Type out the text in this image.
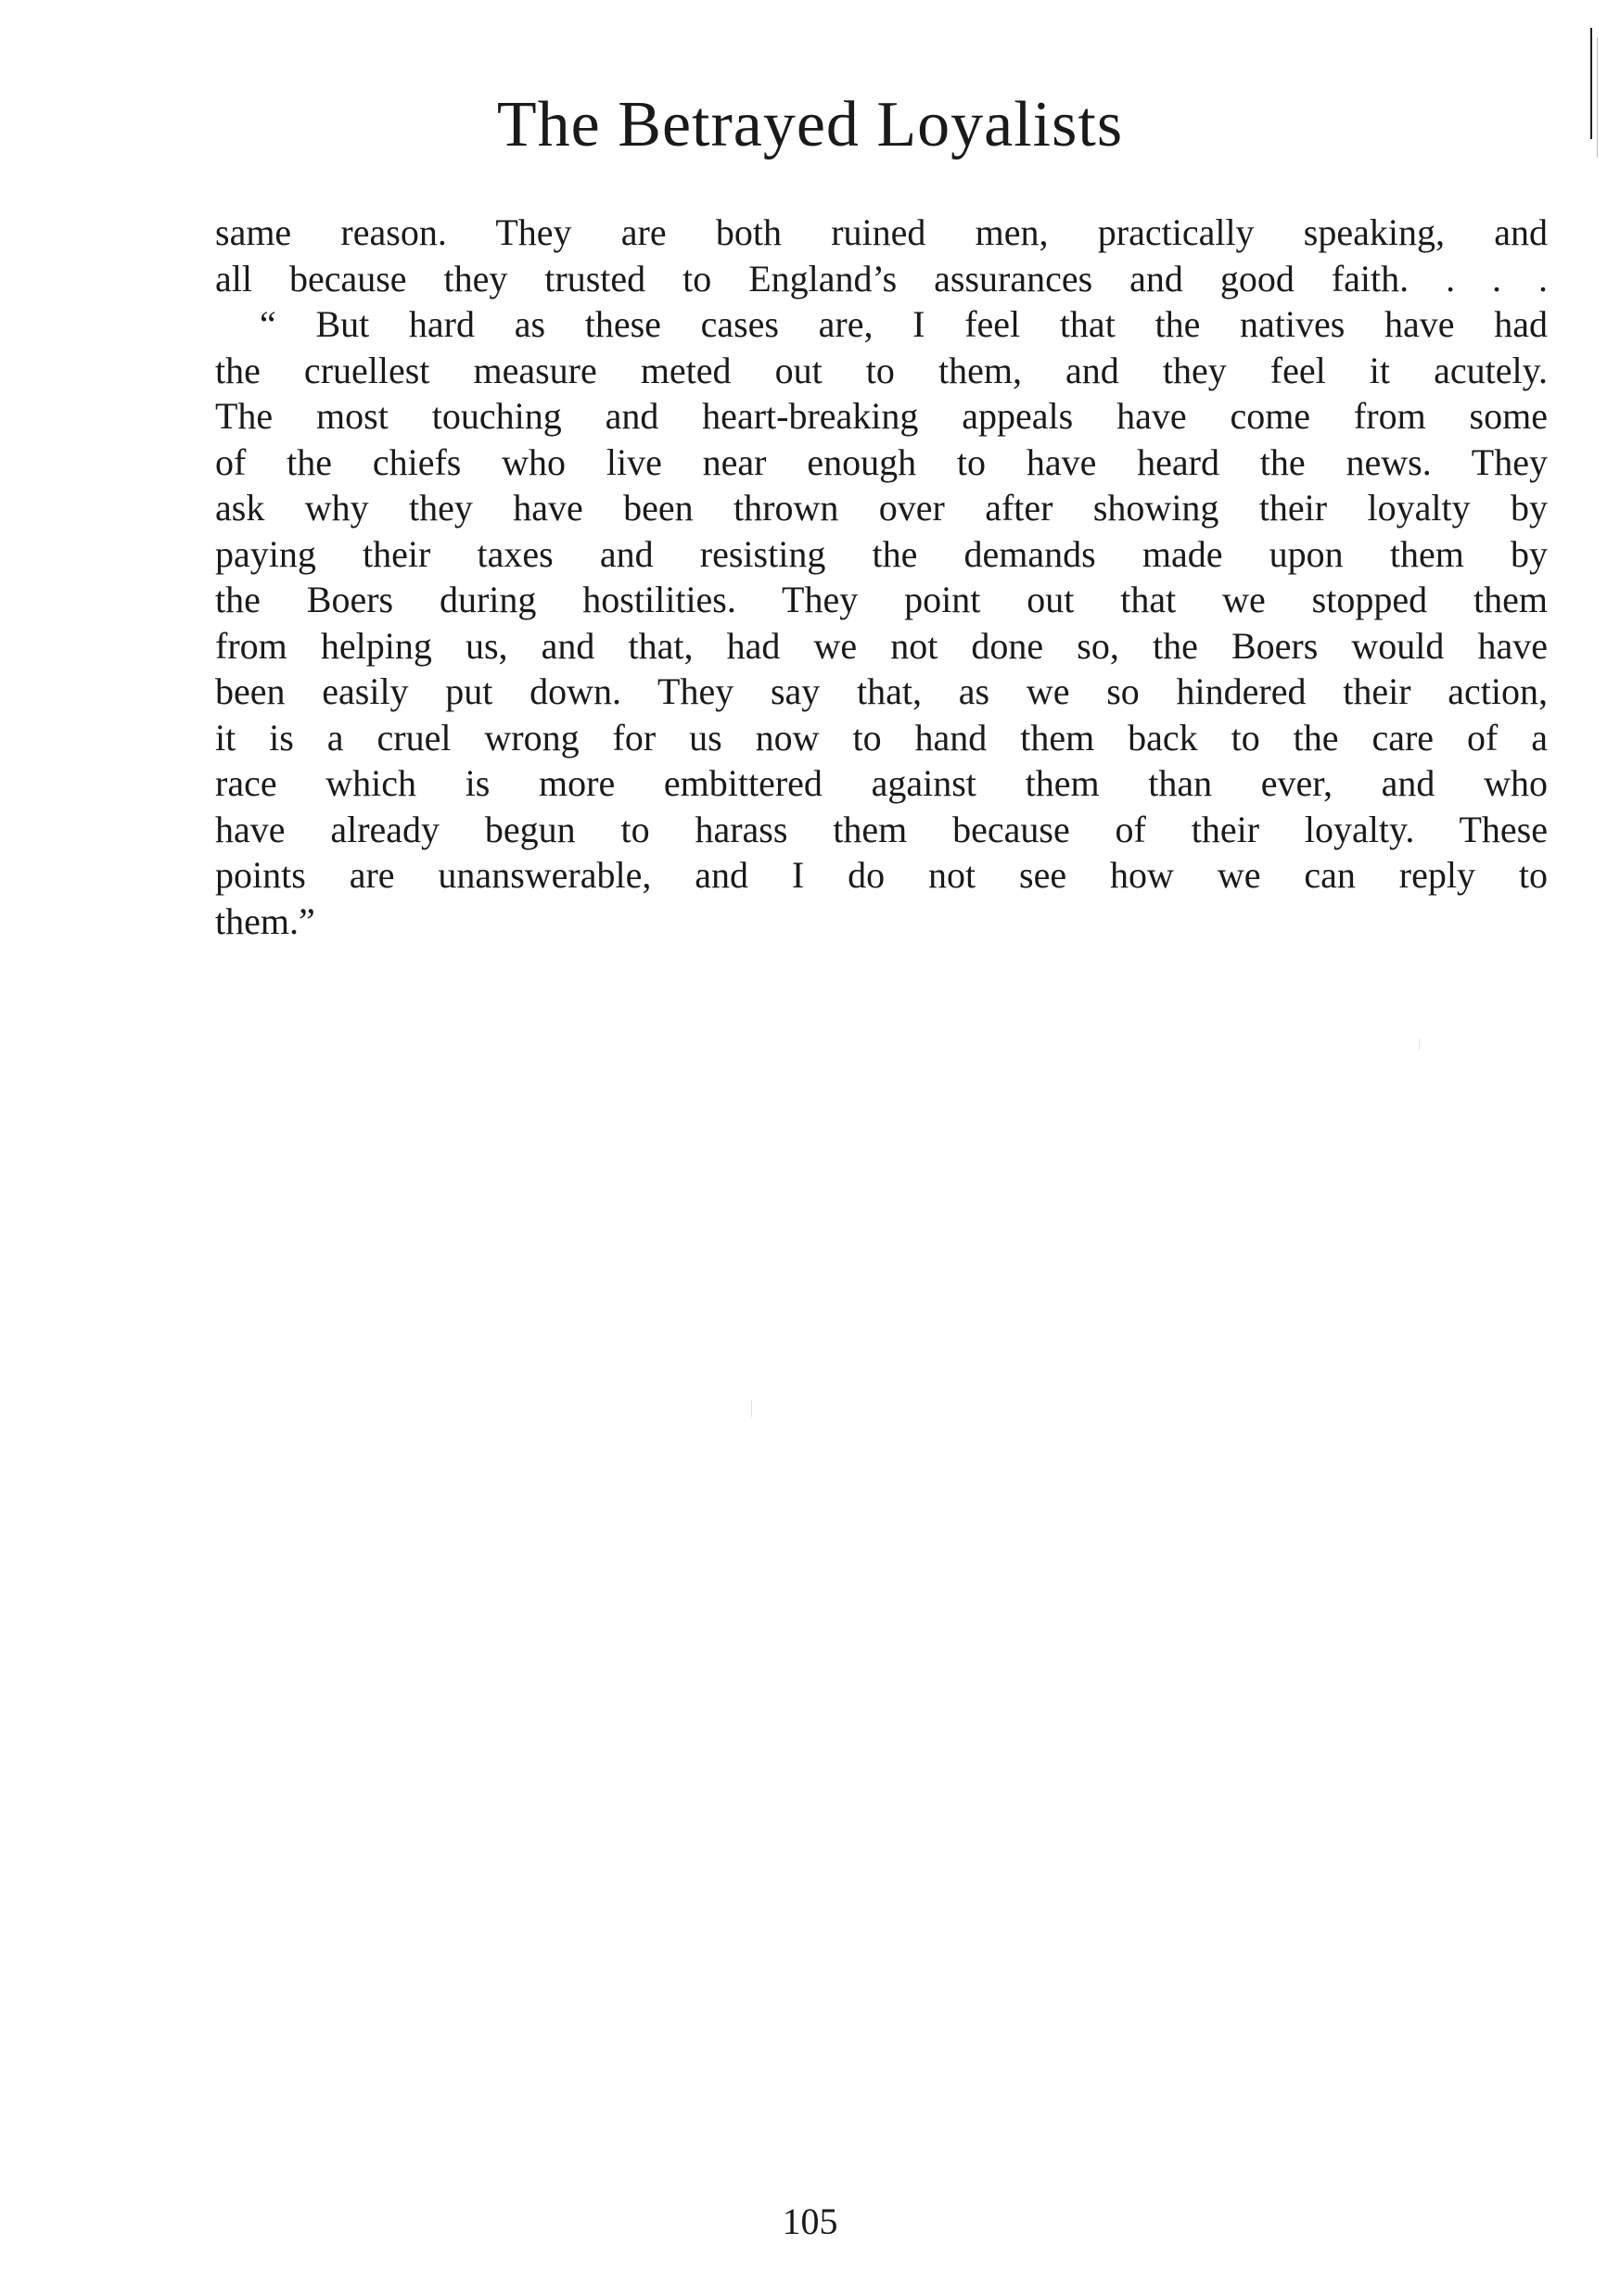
The Betrayed Loyalists
same reason. They are both ruined men, practically speaking, and
all because they trusted to England’s assurances and good faith. . . .
“ But hard as these cases are, I feel that the natives have had
the cruellest measure meted out to them, and they feel it acutely.
The most touching and heart-breaking appeals have come from some
of the chiefs who live near enough to have heard the news. They
ask why they have been thrown over after showing their loyalty by
paying their taxes and resisting the demands made upon them by
the Boers during hostilities. They point out that we stopped them
from helping us, and that, had we not done so, the Boers would have
been easily put down. They say that, as we so hindered their action,
it is a cruel wrong for us now to hand them back to the care of a
race which is more embittered against them than ever, and who
have already begun to harass them because of their loyalty. These
points are unanswerable, and I do not see how we can reply to
them.”
105
